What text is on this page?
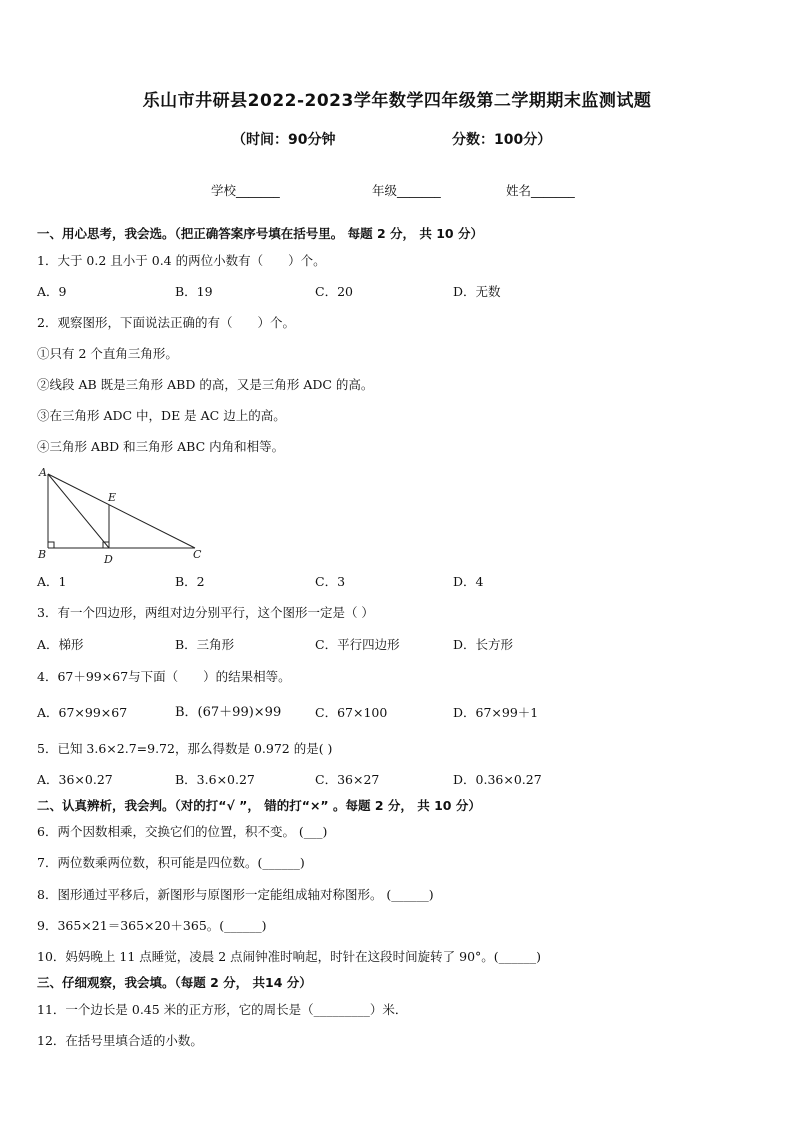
乐山市井研县2022-2023学年数学四年级第二学期期末监测试题
（时间：90分钟	分数：100分）
学校_______	年级_______	姓名_______
一、用心思考，我会选。（把正确答案序号填在括号里。 每题 2 分， 共 10 分）
1．大于 0.2 且小于 0.4 的两位小数有（　　）个。
A．9	B．19	C．20	D．无数
2．观察图形，下面说法正确的有（　　）个。
①只有 2 个直角三角形。
②线段 AB 既是三角形 ABD 的高，又是三角形 ADC 的高。
③在三角形 ADC 中，DE 是 AC 边上的高。
④三角形 ABD 和三角形 ABC 内角和相等。
A
B	C
D
E
A．1	B．2	C．3	D．4
3．有一个四边形，两组对边分别平行，这个图形一定是（ ）
A．梯形	B．三角形	C．平行四边形	D．长方形
4．67＋99×67与下面（　　）的结果相等。
A．67×99×67	B．(67＋99)×99	C．67×100	D．67×99＋1
5．已知 3.6×2.7=9.72，那么得数是 0.972 的是( )
A．36×0.27	B．3.6×0.27	C．36×27	D．0.36×0.27
二、认真辨析，我会判。（对的打“√ ”， 错的打“×” 。每题 2 分， 共 10 分）
6．两个因数相乘，交换它们的位置，积不变。 (___)
7．两位数乘两位数，积可能是四位数。(______)
8．图形通过平移后，新图形与原图形一定能组成轴对称图形。 (______)
9．365×21＝365×20＋365。(______)
10．妈妈晚上 11 点睡觉，凌晨 2 点闹钟准时响起，时针在这段时间旋转了 90°。(______)
三、仔细观察，我会填。（每题 2 分， 共14 分）
11．一个边长是 0.45 米的正方形，它的周长是（_________）米．
12．在括号里填合适的小数。
